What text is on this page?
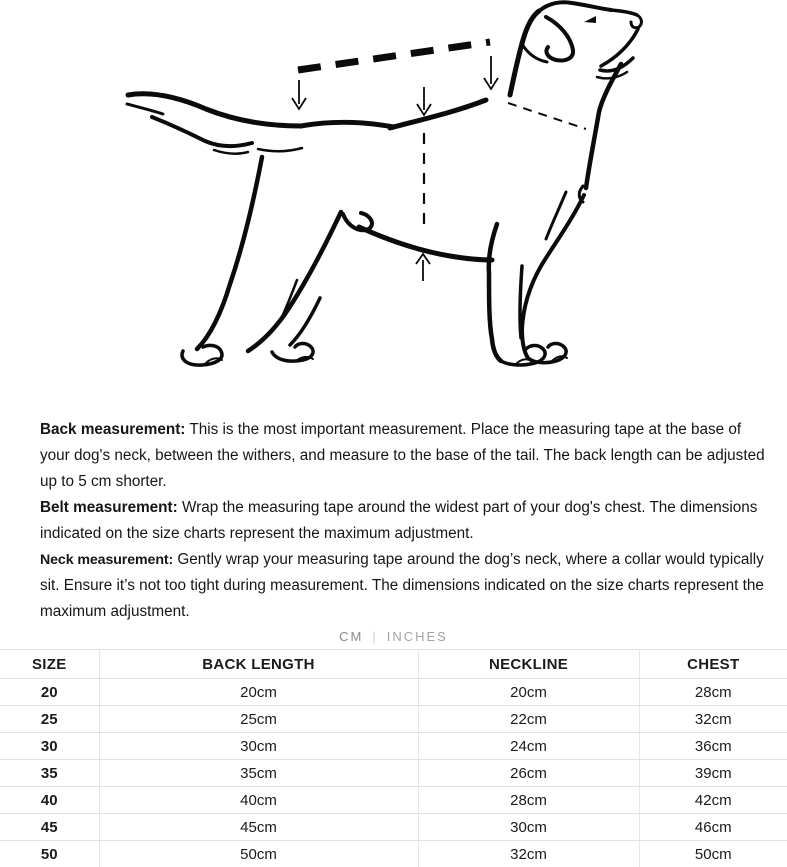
Back measurement: This is the most important measurement. Place the measuring tape at the base of your dog's neck, between the withers, and measure to the base of the tail. The back length can be adjusted up to 5 cm shorter.

Belt measurement: Wrap the measuring tape around the widest part of your dog's chest. The dimensions indicated on the size charts represent the maximum adjustment.

Neck measurement: Gently wrap your measuring tape around the dog’s neck, where a collar would typically sit. Ensure it’s not too tight during measurement. The dimensions indicated on the size charts represent the maximum adjustment.

CM | INCHES
SIZE	BACK LENGTH	NECKLINE	CHEST
20	20cm	20cm	28cm
25	25cm	22cm	32cm
30	30cm	24cm	36cm
35	35cm	26cm	39cm
40	40cm	28cm	42cm
45	45cm	30cm	46cm
50	50cm	32cm	50cm
